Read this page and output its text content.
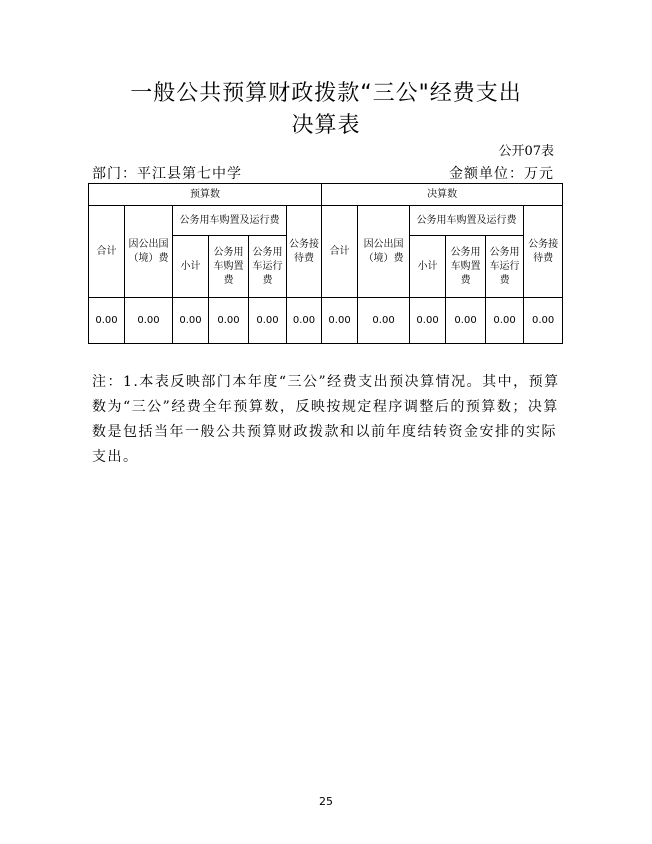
一般公共预算财政拨款“三公"经费支出
决算表
公开07表
部门：平江县第七中学	金额单位：万元
预算数						决算数					
合计	因公出国（境）费	公务用车购置及运行费			公务接待费	合计	因公出国（境）费	公务用车购置及运行费			公务接待费
		小计	公务用车购置费	公务用车运行费				小计	公务用车购置费	公务用车运行费	
0.00	0.00	0.00	0.00	0.00	0.00	0.00	0.00	0.00	0.00	0.00	0.00
注：1.本表反映部门本年度“三公”经费支出预决算情况。其中，预算数为“三公”经费全年预算数，反映按规定程序调整后的预算数；决算数是包括当年一般公共预算财政拨款和以前年度结转资金安排的实际支出。
25
